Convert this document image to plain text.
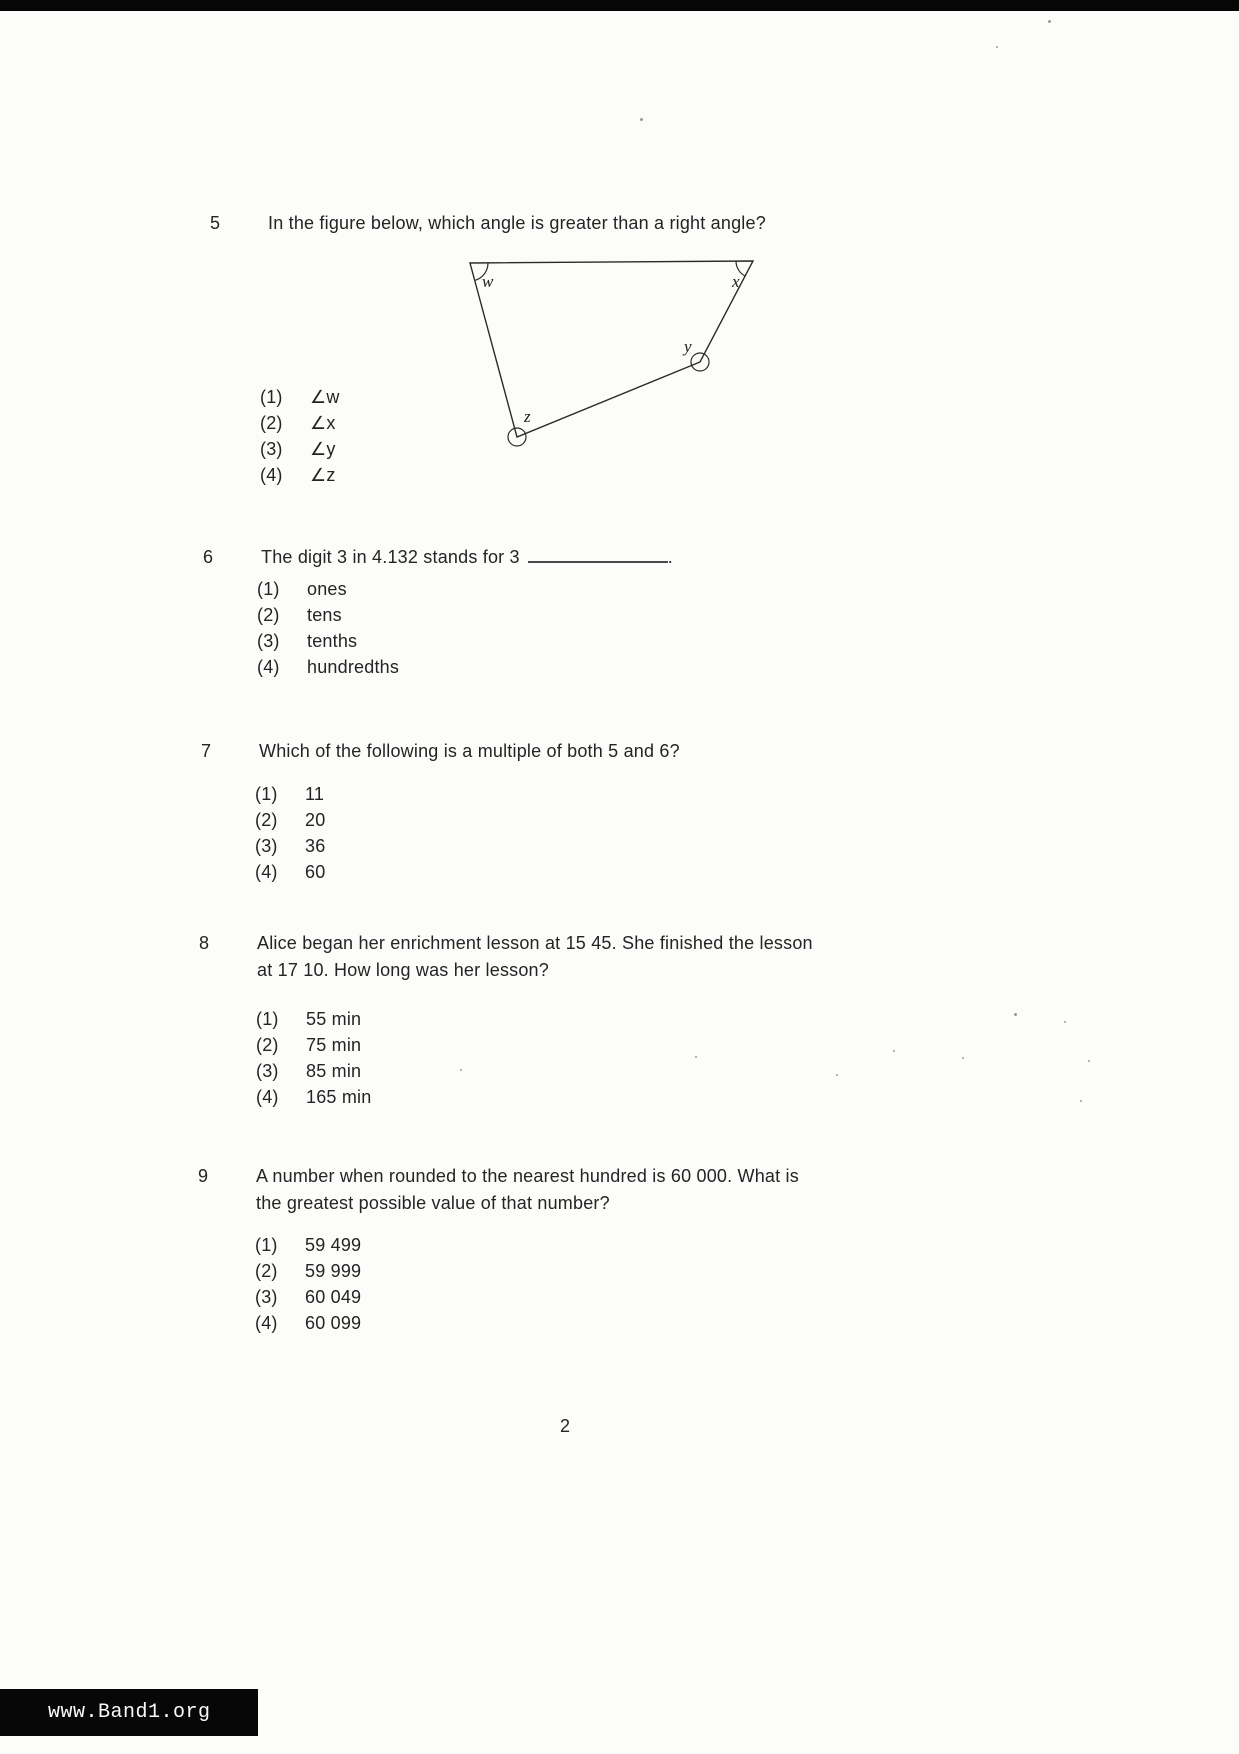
5	In the figure below, which angle is greater than a right angle?

w	x
y
z
(1)	∠w
(2)	∠x
(3)	∠y
(4)	∠z
6	The digit 3 in 4.132 stands for 3	.

(1)	ones
(2)	tens
(3)	tenths
(4)	hundredths
7	Which of the following is a multiple of both 5 and 6?

(1)	11
(2)	20
(3)	36
(4)	60
8	Alice began her enrichment lesson at 15 45. She finished the lesson

at 17 10. How long was her lesson?

(1)	55 min
(2)	75 min
(3)	85 min
(4)	165 min
9	A number when rounded to the nearest hundred is 60 000. What is

the greatest possible value of that number?

(1)	59 499
(2)	59 999
(3)	60 049
(4)	60 099
2
www.Band1.org
